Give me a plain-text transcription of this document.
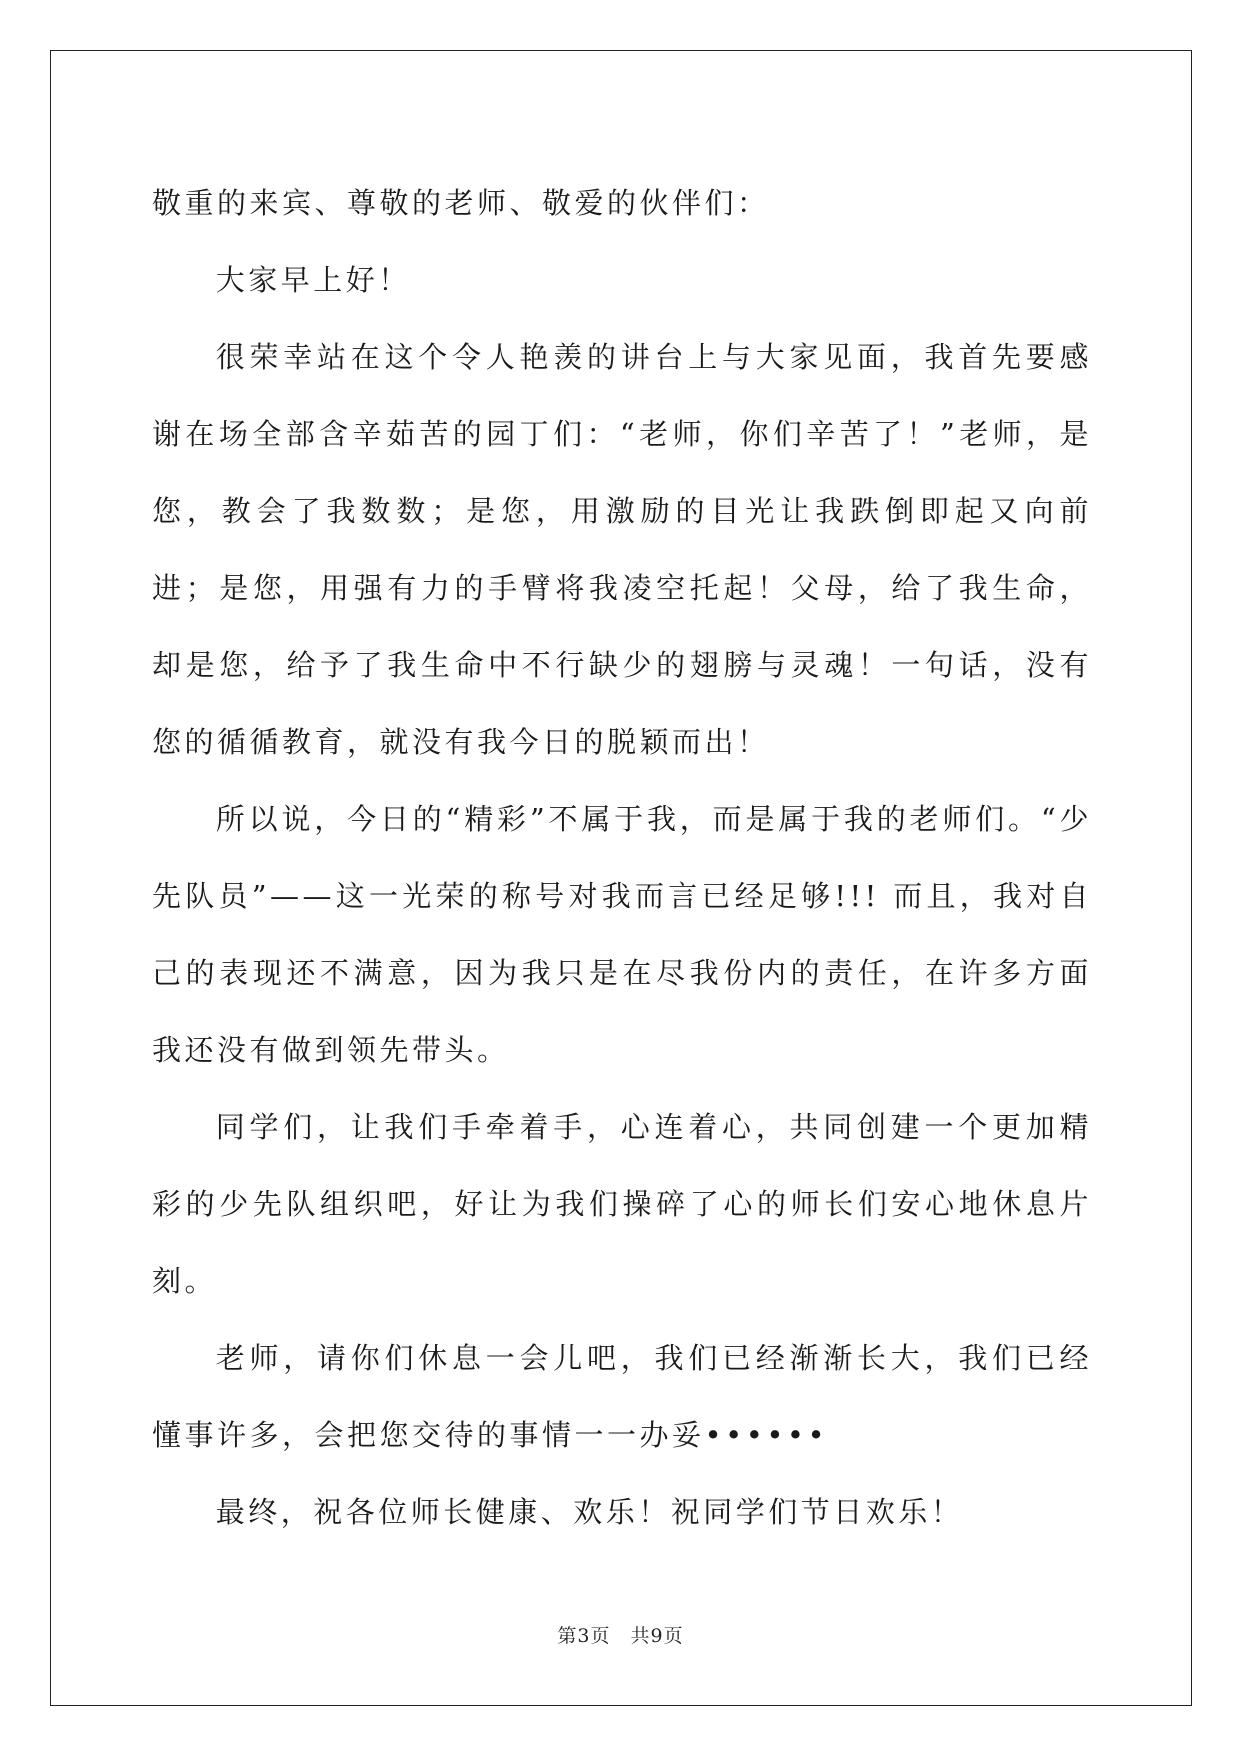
敬重的来宾、尊敬的老师、敬爱的伙伴们：

大家早上好！

很荣幸站在这个令人艳羡的讲台上与大家见面，我首先要感谢在场全部含辛茹苦的园丁们：“老师，你们辛苦了！”老师，是您，教会了我数数；是您，用激励的目光让我跌倒即起又向前进；是您，用强有力的手臂将我凌空托起！父母，给了我生命，却是您，给予了我生命中不行缺少的翅膀与灵魂！一句话，没有您的循循教育，就没有我今日的脱颖而出！

所以说，今日的“精彩”不属于我，而是属于我的老师们。“少先队员”——这一光荣的称号对我而言已经足够!!! 而且，我对自己的表现还不满意，因为我只是在尽我份内的责任，在许多方面我还没有做到领先带头。

同学们，让我们手牵着手，心连着心，共同创建一个更加精彩的少先队组织吧，好让为我们操碎了心的师长们安心地休息片刻。

老师，请你们休息一会儿吧，我们已经渐渐长大，我们已经懂事许多，会把您交待的事情一一办妥••••••

最终，祝各位师长健康、欢乐！祝同学们节日欢乐！

第3页 共9页
